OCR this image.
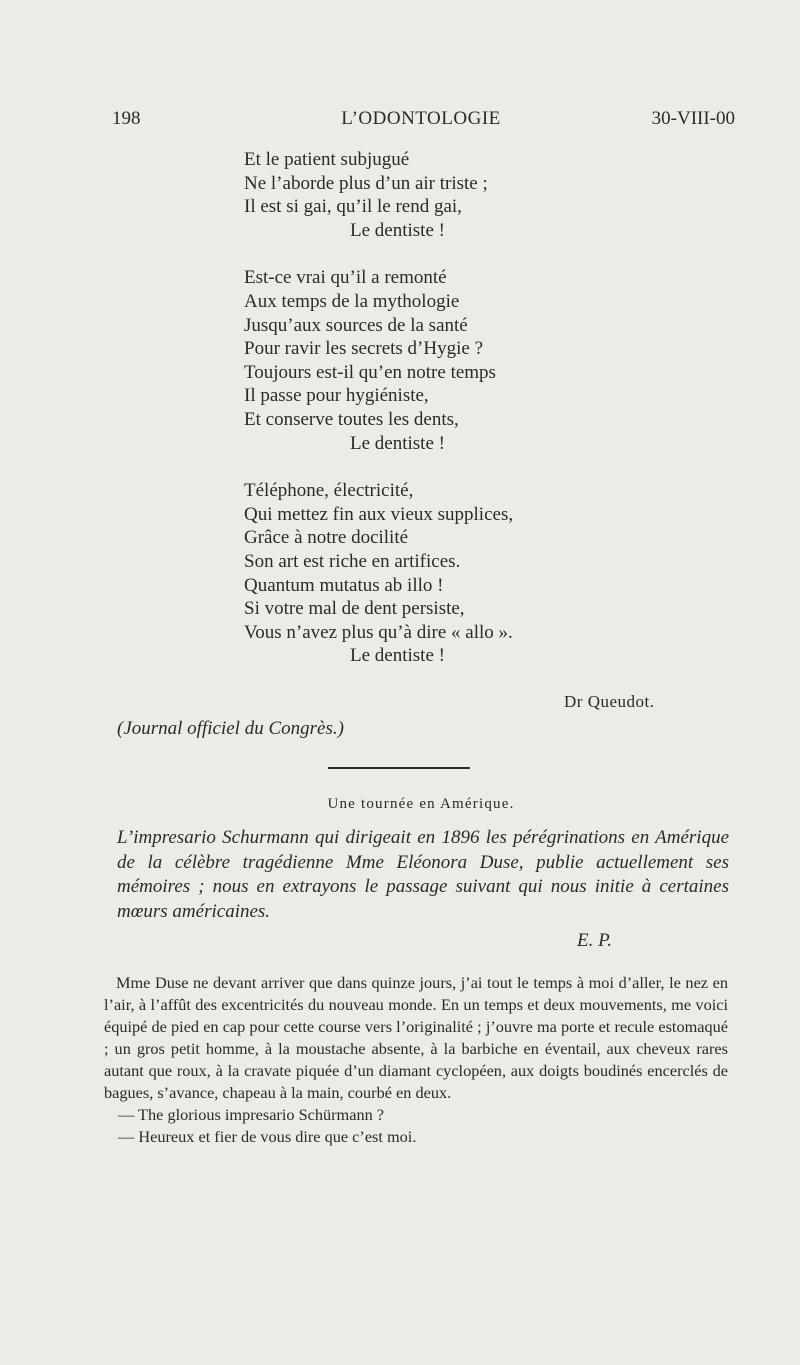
198	L’ODONTOLOGIE	30-VIII-00
Et le patient subjugué
Ne l’aborde plus d’un air triste ;
Il est si gai, qu’il le rend gai,
Le dentiste !
Est-ce vrai qu’il a remonté
Aux temps de la mythologie
Jusqu’aux sources de la santé
Pour ravir les secrets d’Hygie ?
Toujours est-il qu’en notre temps
Il passe pour hygiéniste,
Et conserve toutes les dents,
Le dentiste !
Téléphone, électricité,
Qui mettez fin aux vieux supplices,
Grâce à notre docilité
Son art est riche en artifices.
Quantum mutatus ab illo !
Si votre mal de dent persiste,
Vous n’avez plus qu’à dire « allo ».
Le dentiste !
Dr Queudot.
(Journal officiel du Congrès.)
Une tournée en Amérique.
L’impresario Schurmann qui dirigeait en 1896 les pérégrinations en Amérique de la célèbre tragédienne Mme Eléonora Duse, publie actuellement ses mémoires ; nous en extrayons le passage suivant qui nous initie à certaines mœurs américaines.
E. P.

Mme Duse ne devant arriver que dans quinze jours, j’ai tout le temps à moi d’aller, le nez en l’air, à l’affût des excentricités du nouveau monde. En un temps et deux mouvements, me voici équipé de pied en cap pour cette course vers l’originalité ; j’ouvre ma porte et recule estomaqué ; un gros petit homme, à la moustache absente, à la barbiche en éventail, aux cheveux rares autant que roux, à la cravate piquée d’un diamant cyclopéen, aux doigts boudinés encerclés de bagues, s’avance, chapeau à la main, courbé en deux.

— The glorious impresario Schürmann ?

— Heureux et fier de vous dire que c’est moi.
